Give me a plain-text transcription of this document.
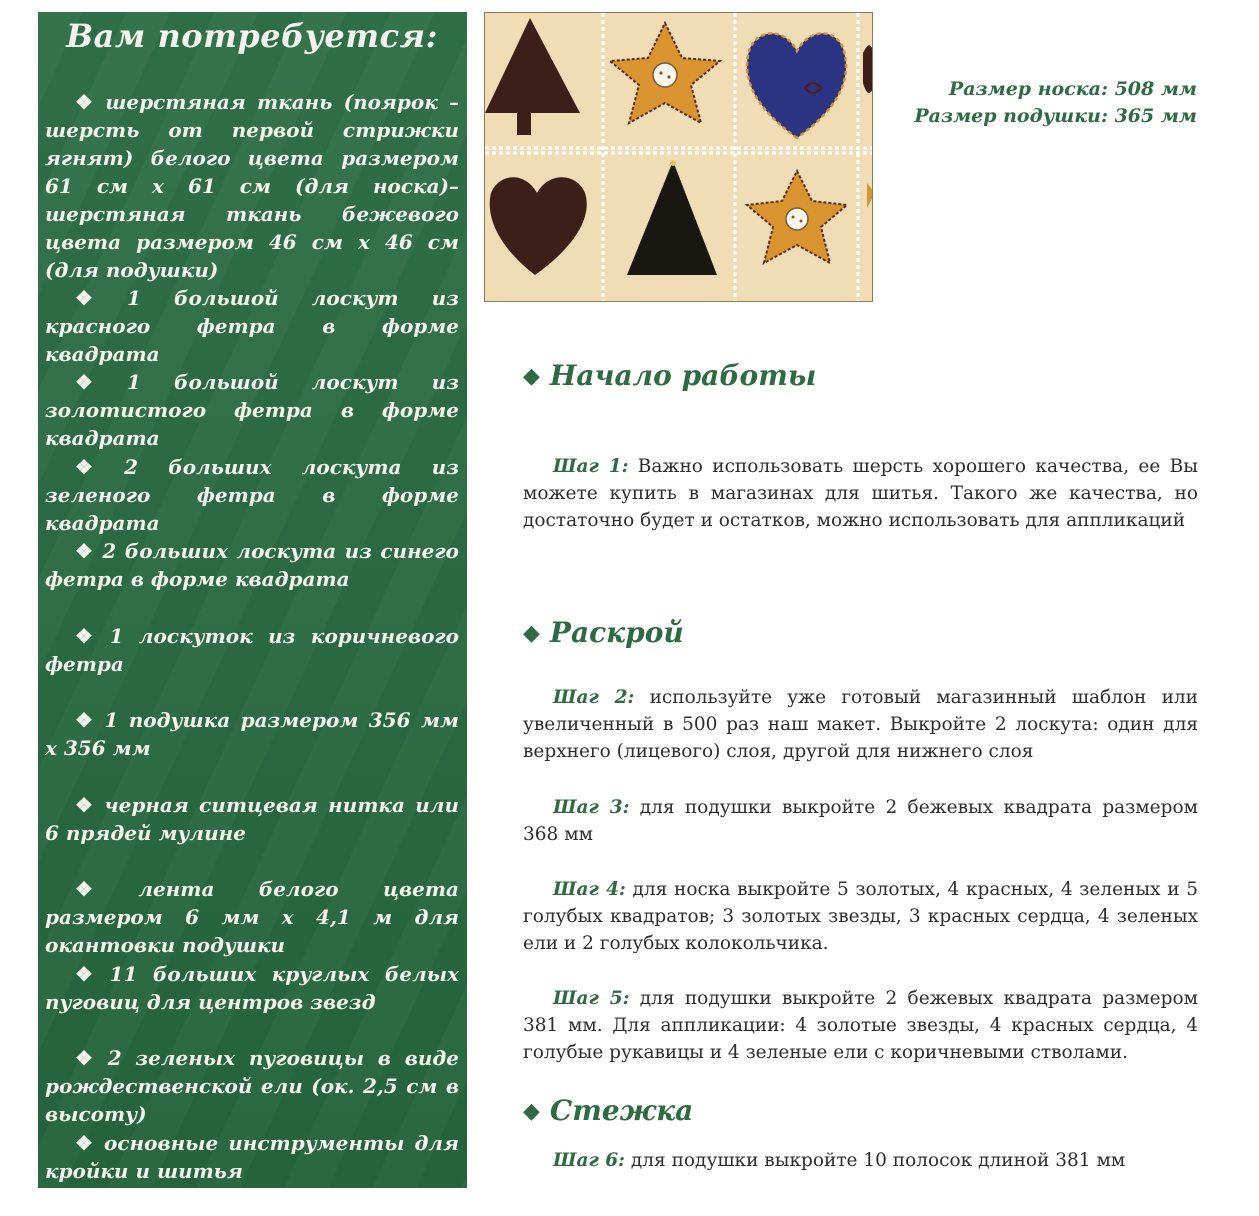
Вам потребуется:
❖ шерстяная ткань (поярок – шерсть от первой стрижки ягнят) белого цвета размером 61 см х 61 см (для носка)– шерстяная ткань бежевого цвета размером 46 см х 46 см (для подушки)
❖ 1 большой лоскут из красного фетра в форме квадрата
❖ 1 большой лоскут из золотистого фетра в форме квадрата
❖ 2 больших лоскута из зеленого фетра в форме квадрата
❖ 2 больших лоскута из синего фетра в форме квадрата
❖ 1 лоскуток из коричневого фетра
❖ 1 подушка размером 356 мм х 356 мм
❖ черная ситцевая нитка или 6 прядей мулине
❖ лента белого цвета размером 6 мм х 4,1 м для окантовки подушки
❖ 11 больших круглых белых пуговиц для центров звезд
❖ 2 зеленых пуговицы в виде рождественской ели (ок. 2,5 см в высоту)
❖ основные инструменты для кройки и шитья
Размер носка: 508 мм
Размер подушки: 365 мм
◆ Начало работы

Шаг 1: Важно использовать шерсть хорошего качества, ее Вы можете купить в магазинах для шитья. Такого же качества, но достаточно будет и остатков, можно использовать для аппликаций

◆ Раскрой

Шаг 2: используйте уже готовый магазинный шаблон или увеличенный в 500 раз наш макет. Выкройте 2 лоскута: один для верхнего (лицевого) слоя, другой для нижнего слоя

Шаг 3: для подушки выкройте 2 бежевых квадрата размером 368 мм

Шаг 4: для носка выкройте 5 золотых, 4 красных, 4 зеленых и 5 голубых квадратов; 3 золотых звезды, 3 красных сердца, 4 зеленых ели и 2 голубых колокольчика.

Шаг 5: для подушки выкройте 2 бежевых квадрата размером 381 мм. Для аппликации: 4 золотые звезды, 4 красных сердца, 4 голубые рукавицы и 4 зеленые ели с коричневыми стволами.

◆ Стежка

Шаг 6: для подушки выкройте 10 полосок длиной 381 мм
